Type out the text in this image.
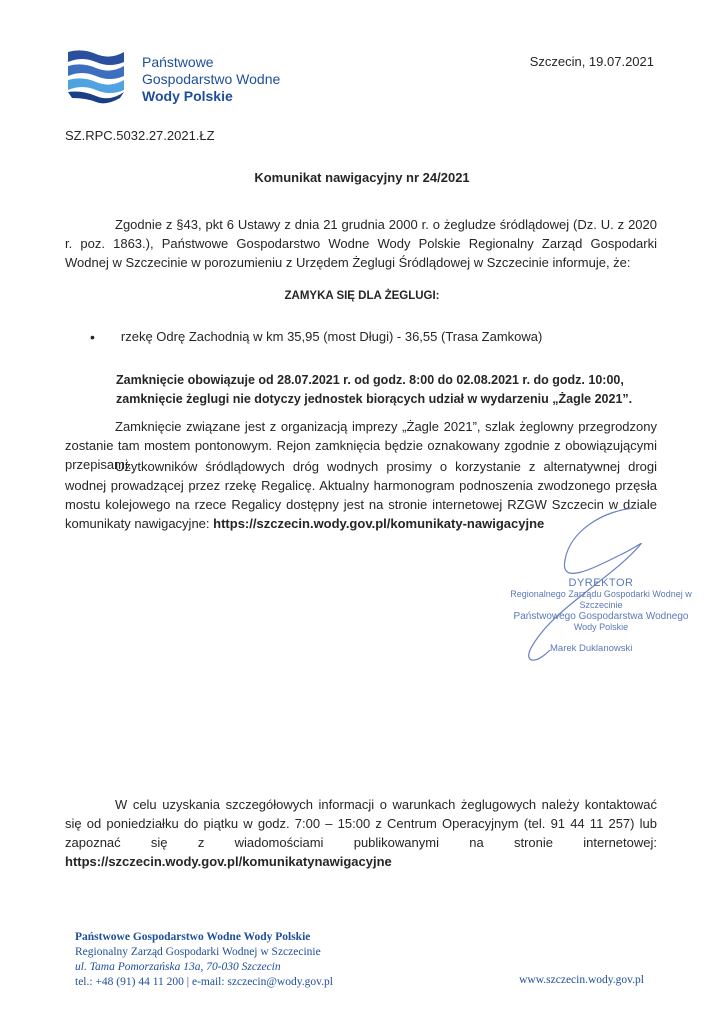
Państwowe
Gospodarstwo Wodne
Wody Polskie
Szczecin, 19.07.2021
SZ.RPC.5032.27.2021.ŁZ
Komunikat nawigacyjny nr 24/2021
Zgodnie z §43, pkt 6 Ustawy z dnia 21 grudnia 2000 r. o żegludze śródlądowej (Dz. U. z 2020 r. poz. 1863.), Państwowe Gospodarstwo Wodne Wody Polskie Regionalny Zarząd Gospodarki Wodnej w Szczecinie w porozumieniu z Urzędem Żeglugi Śródlądowej w Szczecinie informuje, że:
ZAMYKA SIĘ DLA ŻEGLUGI:
• rzekę Odrę Zachodnią w km 35,95 (most Długi) - 36,55 (Trasa Zamkowa)
Zamknięcie obowiązuje od 28.07.2021 r. od godz. 8:00 do 02.08.2021 r. do godz. 10:00, zamknięcie żeglugi nie dotyczy jednostek biorących udział w wydarzeniu „Żagle 2021”.
Zamknięcie związane jest z organizacją imprezy „Żagle 2021”, szlak żeglowny przegrodzony zostanie tam mostem pontonowym. Rejon zamknięcia będzie oznakowany zgodnie z obowiązującymi przepisami.
Użytkowników śródlądowych dróg wodnych prosimy o korzystanie z alternatywnej drogi wodnej prowadzącej przez rzekę Regalicę. Aktualny harmonogram podnoszenia zwodzonego przęsła mostu kolejowego na rzece Regalicy dostępny jest na stronie internetowej RZGW Szczecin w dziale komunikaty nawigacyjne: https://szczecin.wody.gov.pl/komunikaty-nawigacyjne
DYREKTOR
Regionalnego Zarządu Gospodarki Wodnej w Szczecinie
Państwowego Gospodarstwa Wodnego
Wody Polskie
Marek Duklanowski
W celu uzyskania szczegółowych informacji o warunkach żeglugowych należy kontaktować się od poniedziałku do piątku w godz. 7:00 – 15:00 z Centrum Operacyjnym (tel. 91 44 11 257) lub zapoznać się z wiadomościami publikowanymi na stronie internetowej:
https://szczecin.wody.gov.pl/komunikatynawigacyjne
Państwowe Gospodarstwo Wodne Wody Polskie
Regionalny Zarząd Gospodarki Wodnej w Szczecinie
ul. Tama Pomorzańska 13a, 70-030 Szczecin
tel.: +48 (91) 44 11 200 | e-mail: szczecin@wody.gov.pl	www.szczecin.wody.gov.pl
